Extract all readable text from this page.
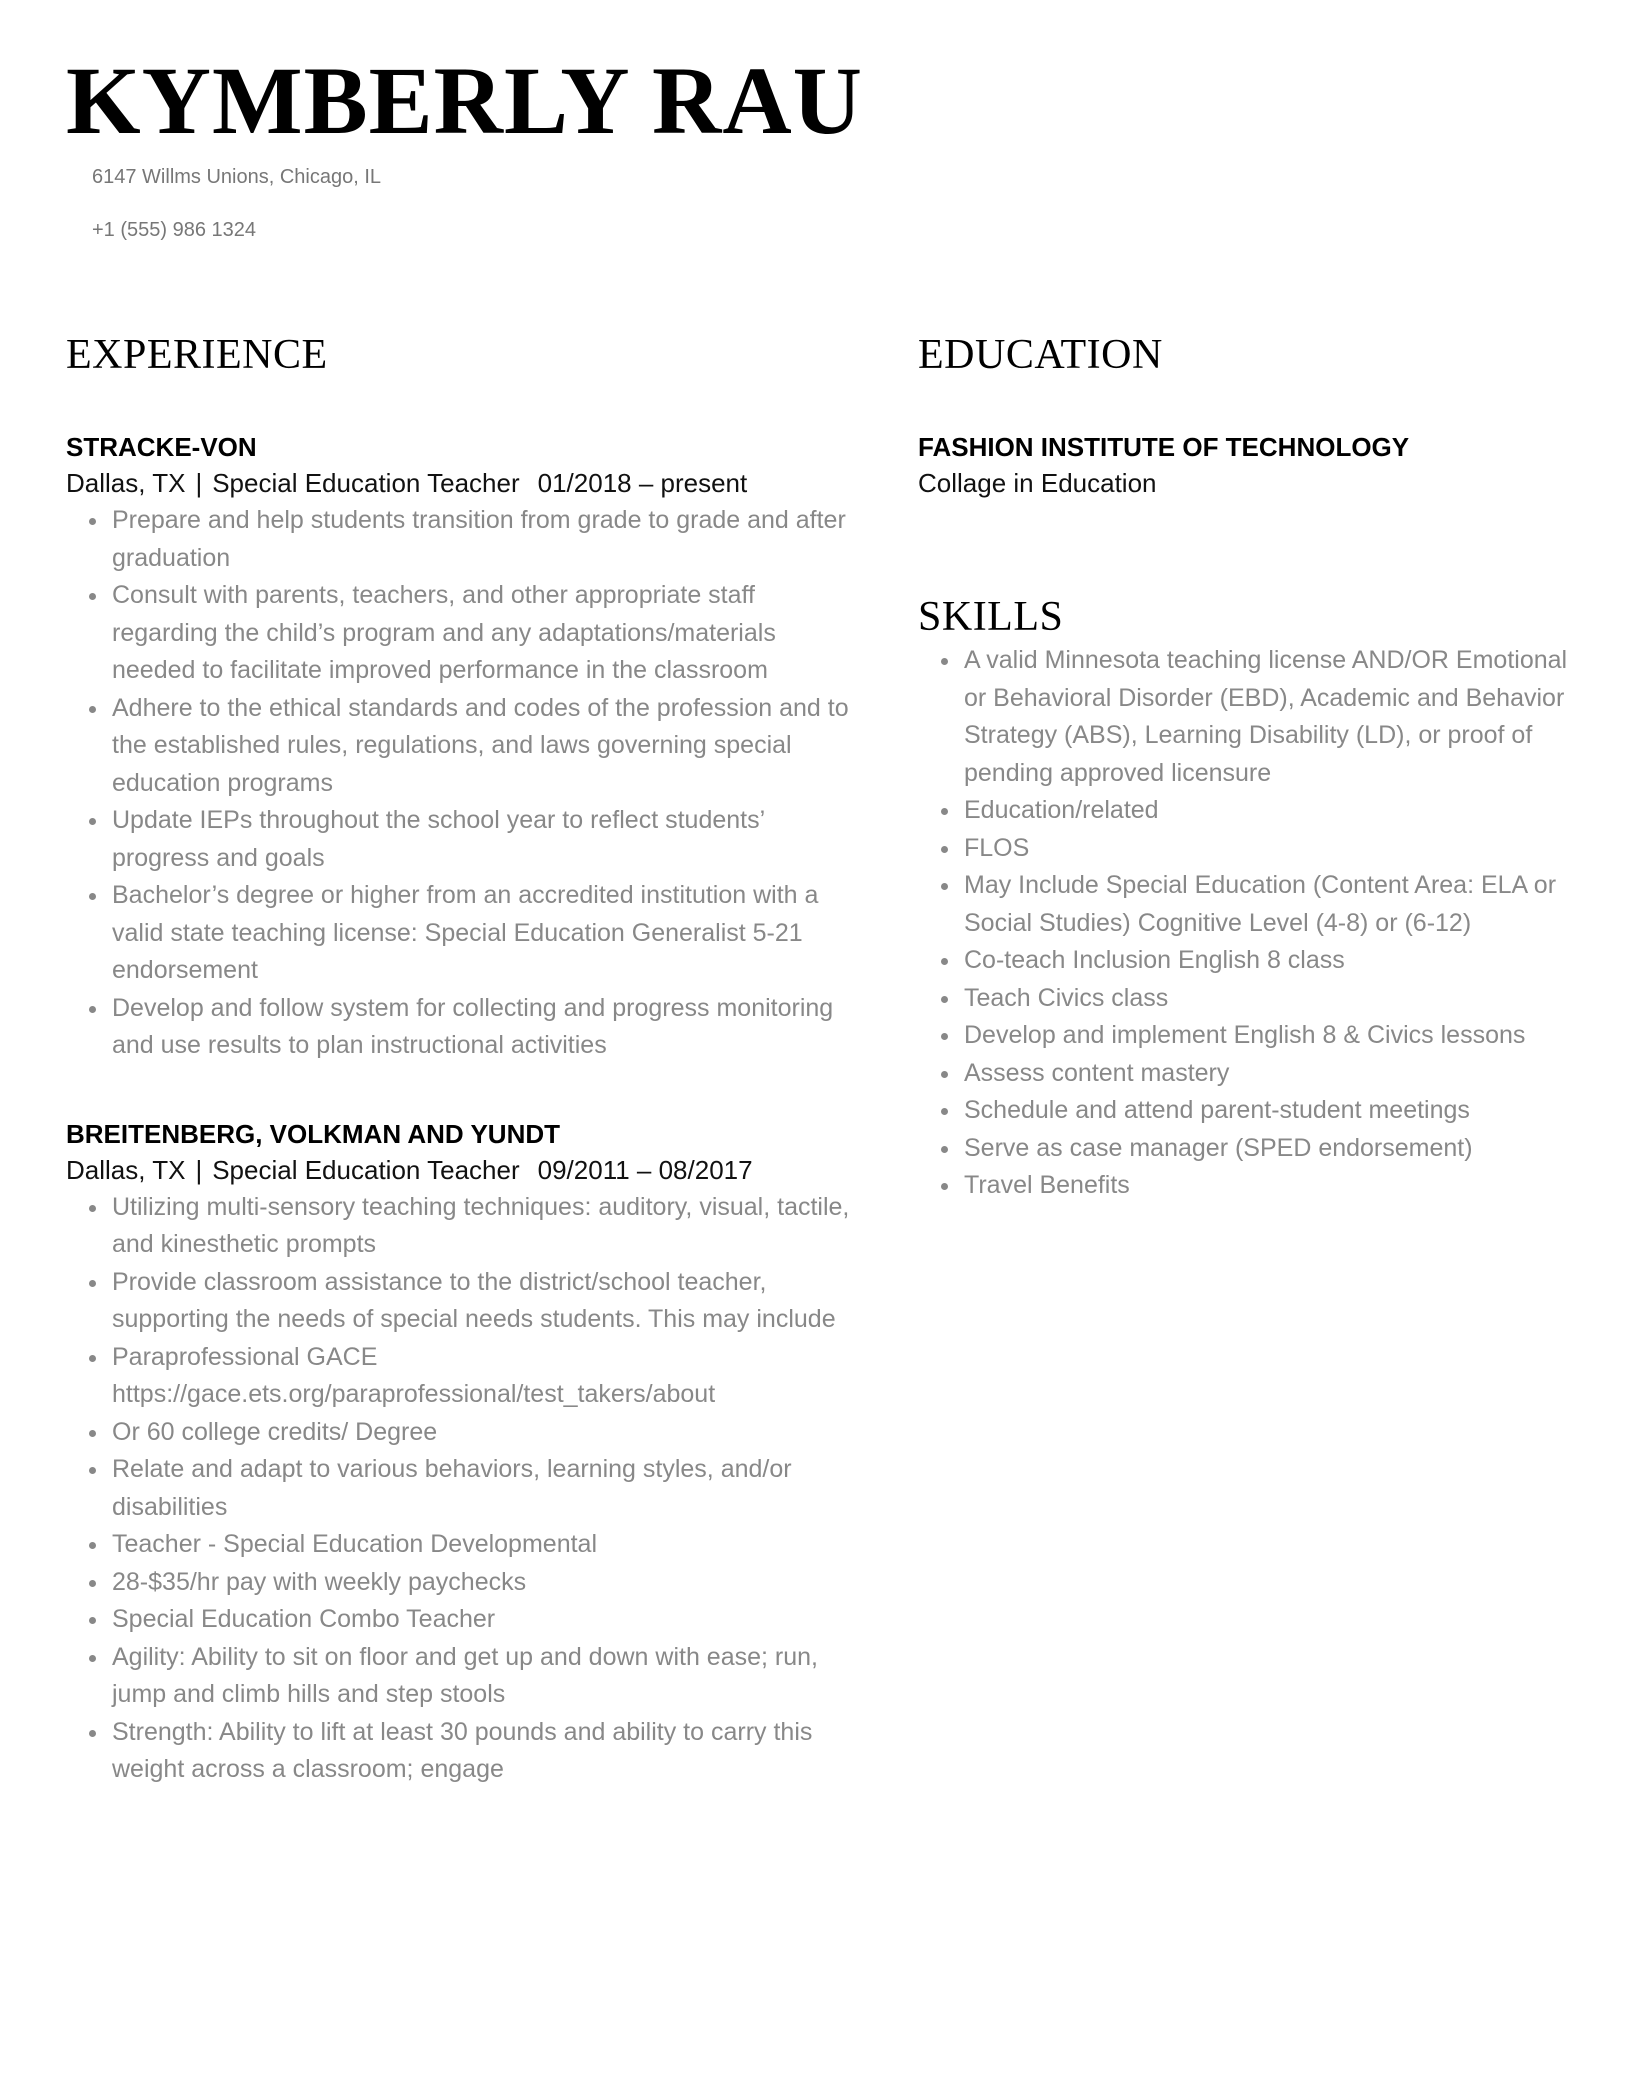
KYMBERLY RAU
6147 Willms Unions, Chicago, IL
+1 (555) 986 1324
EXPERIENCE

STRACKE-VON

Dallas, TX | Special Education Teacher 01/2018 – present

• Prepare and help students transition from grade to grade and after graduation
• Consult with parents, teachers, and other appropriate staff regarding the child’s program and any adaptations/materials needed to facilitate improved performance in the classroom
• Adhere to the ethical standards and codes of the profession and to the established rules, regulations, and laws governing special education programs
• Update IEPs throughout the school year to reflect students’ progress and goals
• Bachelor’s degree or higher from an accredited institution with a valid state teaching license: Special Education Generalist 5-21 endorsement
• Develop and follow system for collecting and progress monitoring and use results to plan instructional activities

BREITENBERG, VOLKMAN AND YUNDT

Dallas, TX | Special Education Teacher 09/2011 – 08/2017

• Utilizing multi-sensory teaching techniques: auditory, visual, tactile, and kinesthetic prompts
• Provide classroom assistance to the district/school teacher, supporting the needs of special needs students. This may include
• Paraprofessional GACE https://gace.ets.org/paraprofessional/test_takers/about
• Or 60 college credits/ Degree
• Relate and adapt to various behaviors, learning styles, and/or disabilities
• Teacher - Special Education Developmental
• 28-$35/hr pay with weekly paychecks
• Special Education Combo Teacher
• Agility: Ability to sit on floor and get up and down with ease; run, jump and climb hills and step stools
• Strength: Ability to lift at least 30 pounds and ability to carry this weight across a classroom; engage
EDUCATION

FASHION INSTITUTE OF TECHNOLOGY

Collage in Education

SKILLS
• A valid Minnesota teaching license AND/OR Emotional or Behavioral Disorder (EBD), Academic and Behavior Strategy (ABS), Learning Disability (LD), or proof of pending approved licensure
• Education/related
• FLOS
• May Include Special Education (Content Area: ELA or Social Studies) Cognitive Level (4-8) or (6-12)
• Co-teach Inclusion English 8 class
• Teach Civics class
• Develop and implement English 8 & Civics lessons
• Assess content mastery
• Schedule and attend parent-student meetings
• Serve as case manager (SPED endorsement)
• Travel Benefits
